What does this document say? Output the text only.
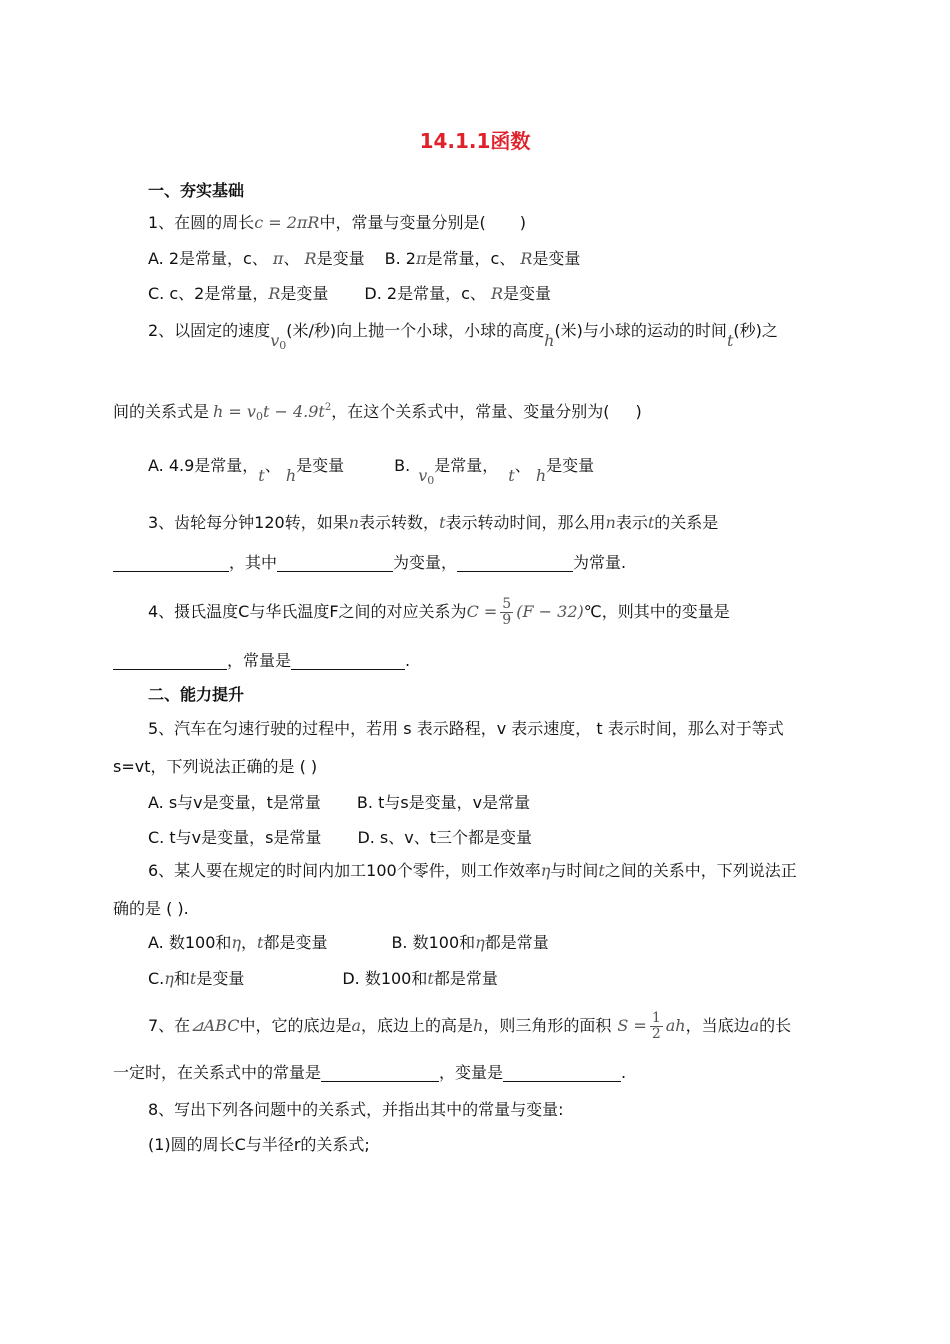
14.1.1函数
一、夯实基础
1、在圆的周长c = 2πR中，常量与变量分别是( )
A. 2是常量，c、 π、 R是变量 B. 2π是常量，c、 R是变量
C. c、2是常量，R是变量 D. 2是常量，c、 R是变量
2、以固定的速度$v_0$(米/秒)向上抛一个小球，小球的高度h(米)与小球的运动的时间t(秒)之
间的关系式是 $h = v_0t - 4.9t^2$，在这个关系式中，常量、变量分别为( )
A. 4.9是常量，t、 h是变量	$B.v_0$是常量，t、 h是变量
3、齿轮每分钟120转，如果n表示转数，t表示转动时间，那么用n表示t的关系是
，其中	为变量，	为常量.
4、摄氏温度C与华氏温度F之间的对应关系为$C = \frac{5}{9} (F$ − 32)℃，则其中的变量是
，常量是	.
二、能力提升
5、汽车在匀速行驶的过程中，若用 s 表示路程，v 表示速度， t 表示时间，那么对于等式
s=vt，下列说法正确的是 ( )
A. s与v是变量，t是常量 B. t与s是变量，v是常量
C. t与v是变量，s是常量 D. s、v、t三个都是变量
6、某人要在规定的时间内加工100个零件，则工作效率η与时间t之间的关系中，下列说法正
确的是 ( ).
A. 数100和η，t都是变量	B. 数100和η都是常量
C.η和t是变量	D. 数100和t都是常量
7、在⊿ABC中，它的底边是a，底边上的高是h，则三角形的面积 $S = \frac{1}{2}$ ah，当底边a的长
一定时，在关系式中的常量是	，变量是	.
8、写出下列各问题中的关系式，并指出其中的常量与变量:
(1)圆的周长C与半径r的关系式;
